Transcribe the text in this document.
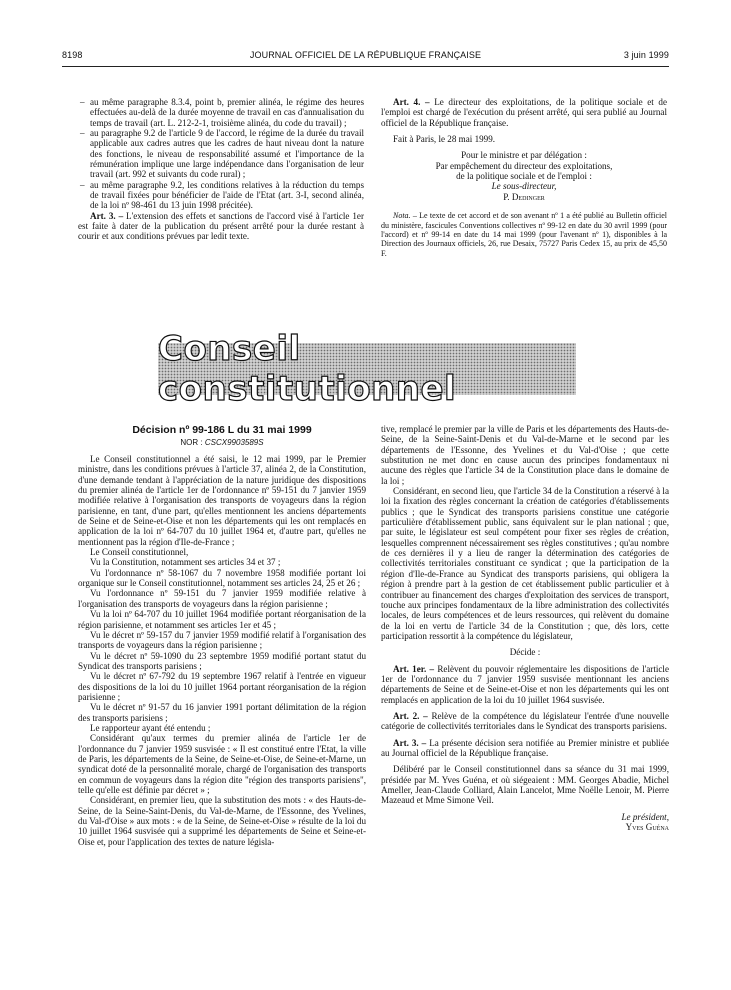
8198	JOURNAL OFFICIEL DE LA RÉPUBLIQUE FRANÇAISE	3 juin 1999
– au même paragraphe 8.3.4, point b, premier alinéa, le régime des heures effectuées au-delà de la durée moyenne de travail en cas d'annualisation du temps de travail (art. L. 212-2-1, troisième alinéa, du code du travail) ;
– au paragraphe 9.2 de l'article 9 de l'accord, le régime de la durée du travail applicable aux cadres autres que les cadres de haut niveau dont la nature des fonctions, le niveau de responsabilité assumé et l'importance de la rémunération implique une large indépendance dans l'organisation de leur travail (art. 992 et suivants du code rural) ;
– au même paragraphe 9.2, les conditions relatives à la réduction du temps de travail fixées pour bénéficier de l'aide de l'Etat (art. 3-I, second alinéa, de la loi nº 98-461 du 13 juin 1998 précitée).

Art. 3. – L'extension des effets et sanctions de l'accord visé à l'article 1er est faite à dater de la publication du présent arrêté pour la durée restant à courir et aux conditions prévues par ledit texte.

Art. 4. – Le directeur des exploitations, de la politique sociale et de l'emploi est chargé de l'exécution du présent arrêté, qui sera publié au Journal officiel de la République française.

Fait à Paris, le 28 mai 1999.

Pour le ministre et par délégation :

Par empêchement du directeur des exploitations,

de la politique sociale et de l'emploi :

Le sous-directeur,

P. Dedinger

Nota. – Le texte de cet accord et de son avenant nº 1 a été publié au Bulletin officiel du ministère, fascicules Conventions collectives nº 99-12 en date du 30 avril 1999 (pour l'accord) et nº 99-14 en date du 14 mai 1999 (pour l'avenant nº 1), disponibles à la Direction des Journaux officiels, 26, rue Desaix, 75727 Paris Cedex 15, au prix de 45,50 F.

Conseil constitutionnel
Décision nº 99-186 L du 31 mai 1999
NOR : CSCX9903589S

Le Conseil constitutionnel a été saisi, le 12 mai 1999, par le Premier ministre, dans les conditions prévues à l'article 37, alinéa 2, de la Constitution, d'une demande tendant à l'appréciation de la nature juridique des dispositions du premier alinéa de l'article 1er de l'ordonnance nº 59-151 du 7 janvier 1959 modifiée relative à l'organisation des transports de voyageurs dans la région parisienne, en tant, d'une part, qu'elles mentionnent les anciens départements de Seine et de Seine-et-Oise et non les départements qui les ont remplacés en application de la loi nº 64-707 du 10 juillet 1964 et, d'autre part, qu'elles ne mentionnent pas la région d'Ile-de-France ;

Le Conseil constitutionnel,

Vu la Constitution, notamment ses articles 34 et 37 ;

Vu l'ordonnance nº 58-1067 du 7 novembre 1958 modifiée portant loi organique sur le Conseil constitutionnel, notamment ses articles 24, 25 et 26 ;

Vu l'ordonnance nº 59-151 du 7 janvier 1959 modifiée relative à l'organisation des transports de voyageurs dans la région parisienne ;

Vu la loi nº 64-707 du 10 juillet 1964 modifiée portant réorganisation de la région parisienne, et notamment ses articles 1er et 45 ;

Vu le décret nº 59-157 du 7 janvier 1959 modifié relatif à l'organisation des transports de voyageurs dans la région parisienne ;

Vu le décret nº 59-1090 du 23 septembre 1959 modifié portant statut du Syndicat des transports parisiens ;

Vu le décret nº 67-792 du 19 septembre 1967 relatif à l'entrée en vigueur des dispositions de la loi du 10 juillet 1964 portant réorganisation de la région parisienne ;

Vu le décret nº 91-57 du 16 janvier 1991 portant délimitation de la région des transports parisiens ;

Le rapporteur ayant été entendu ;

Considérant qu'aux termes du premier alinéa de l'article 1er de l'ordonnance du 7 janvier 1959 susvisée : « Il est constitué entre l'Etat, la ville de Paris, les départements de la Seine, de Seine-et-Oise, de Seine-et-Marne, un syndicat doté de la personnalité morale, chargé de l'organisation des transports en commun de voyageurs dans la région dite "région des transports parisiens", telle qu'elle est définie par décret » ;

Considérant, en premier lieu, que la substitution des mots : « des Hauts-de-Seine, de la Seine-Saint-Denis, du Val-de-Marne, de l'Essonne, des Yvelines, du Val-d'Oise » aux mots : « de la Seine, de Seine-et-Oise » résulte de la loi du 10 juillet 1964 susvisée qui a supprimé les départements de Seine et Seine-et-Oise et, pour l'application des textes de nature législa-

tive, remplacé le premier par la ville de Paris et les départements des Hauts-de-Seine, de la Seine-Saint-Denis et du Val-de-Marne et le second par les départements de l'Essonne, des Yvelines et du Val-d'Oise ; que cette substitution ne met donc en cause aucun des principes fondamentaux ni aucune des règles que l'article 34 de la Constitution place dans le domaine de la loi ;

Considérant, en second lieu, que l'article 34 de la Constitution a réservé à la loi la fixation des règles concernant la création de catégories d'établissements publics ; que le Syndicat des transports parisiens constitue une catégorie particulière d'établissement public, sans équivalent sur le plan national ; que, par suite, le législateur est seul compétent pour fixer ses règles de création, lesquelles comprennent nécessairement ses règles constitutives ; qu'au nombre de ces dernières il y a lieu de ranger la détermination des catégories de collectivités territoriales constituant ce syndicat ; que la participation de la région d'Ile-de-France au Syndicat des transports parisiens, qui obligera la région à prendre part à la gestion de cet établissement public particulier et à contribuer au financement des charges d'exploitation des services de transport, touche aux principes fondamentaux de la libre administration des collectivités locales, de leurs compétences et de leurs ressources, qui relèvent du domaine de la loi en vertu de l'article 34 de la Constitution ; que, dès lors, cette participation ressortit à la compétence du législateur,

Décide :

Art. 1er. – Relèvent du pouvoir réglementaire les dispositions de l'article 1er de l'ordonnance du 7 janvier 1959 susvisée mentionnant les anciens départements de Seine et de Seine-et-Oise et non les départements qui les ont remplacés en application de la loi du 10 juillet 1964 susvisée.

Art. 2. – Relève de la compétence du législateur l'entrée d'une nouvelle catégorie de collectivités territoriales dans le Syndicat des transports parisiens.

Art. 3. – La présente décision sera notifiée au Premier ministre et publiée au Journal officiel de la République française.

Délibéré par le Conseil constitutionnel dans sa séance du 31 mai 1999, présidée par M. Yves Guéna, et où siégeaient : MM. Georges Abadie, Michel Ameller, Jean-Claude Colliard, Alain Lancelot, Mme Noëlle Lenoir, M. Pierre Mazeaud et Mme Simone Veil.

Le président,

Yves Guéna
